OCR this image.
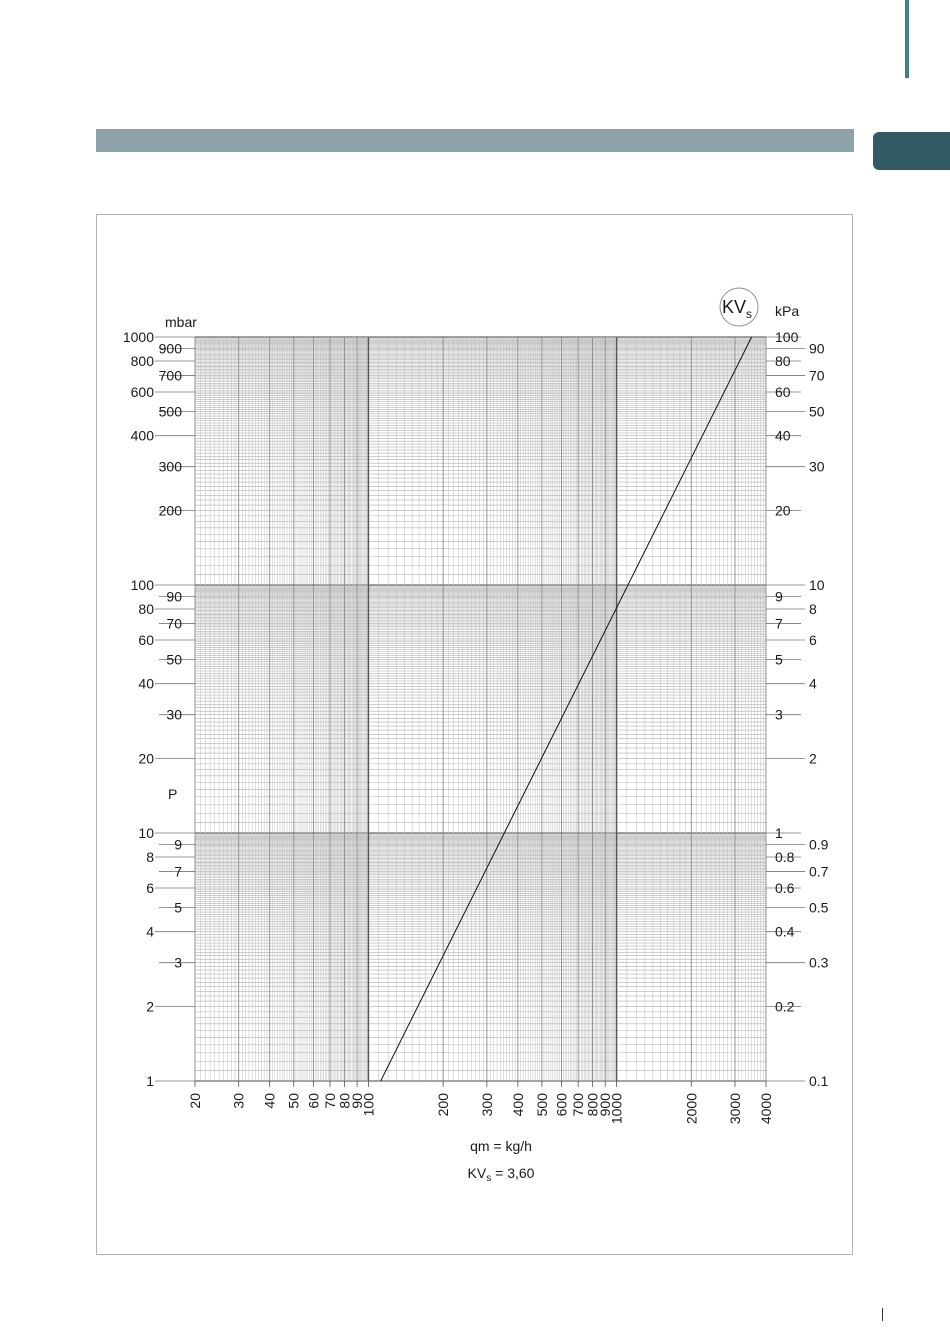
1000
900
800
700
600
500
400
300
200
100
90
80
70
60
50
40
30
20
10
9
8
7
6
5
4
3
2
1
100
90
80
70
60
50
40
30
20
10
9
8
7
6
5
4
3
2
1
0.9
0.8
0.7
0.6
0.5
0.4
0.3
0.2
0.1
20 30 40 50 60 70
80
90
100	200 300 400 500 600 700
800
900
1000	2000 3000 4000
mbar
P
kPa
qm = kg/h
$KV_s$
$KV_s = 3,60$
